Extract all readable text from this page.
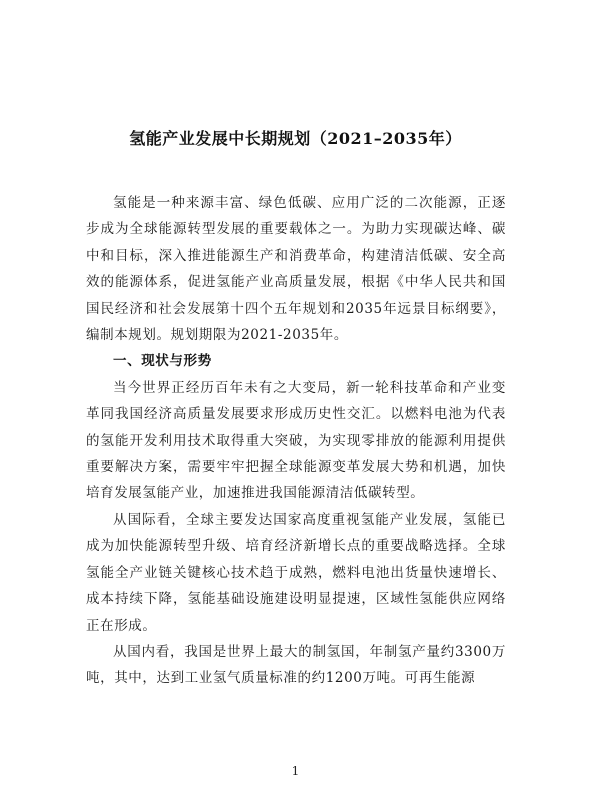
氢能产业发展中长期规划（2021–2035年）

氢能是一种来源丰富、绿色低碳、应用广泛的二次能源，正逐步成为全球能源转型发展的重要载体之一。为助力实现碳达峰、碳中和目标，深入推进能源生产和消费革命，构建清洁低碳、安全高效的能源体系，促进氢能产业高质量发展，根据《中华人民共和国国民经济和社会发展第十四个五年规划和2035年远景目标纲要》，编制本规划。规划期限为2021-2035年。

一、现状与形势

当今世界正经历百年未有之大变局，新一轮科技革命和产业变革同我国经济高质量发展要求形成历史性交汇。以燃料电池为代表的氢能开发利用技术取得重大突破，为实现零排放的能源利用提供重要解决方案，需要牢牢把握全球能源变革发展大势和机遇，加快培育发展氢能产业，加速推进我国能源清洁低碳转型。

从国际看，全球主要发达国家高度重视氢能产业发展，氢能已成为加快能源转型升级、培育经济新增长点的重要战略选择。全球氢能全产业链关键核心技术趋于成熟，燃料电池出货量快速增长、成本持续下降，氢能基础设施建设明显提速，区域性氢能供应网络正在形成。

从国内看，我国是世界上最大的制氢国，年制氢产量约3300万吨，其中，达到工业氢气质量标准的约1200万吨。可再生能源

1
